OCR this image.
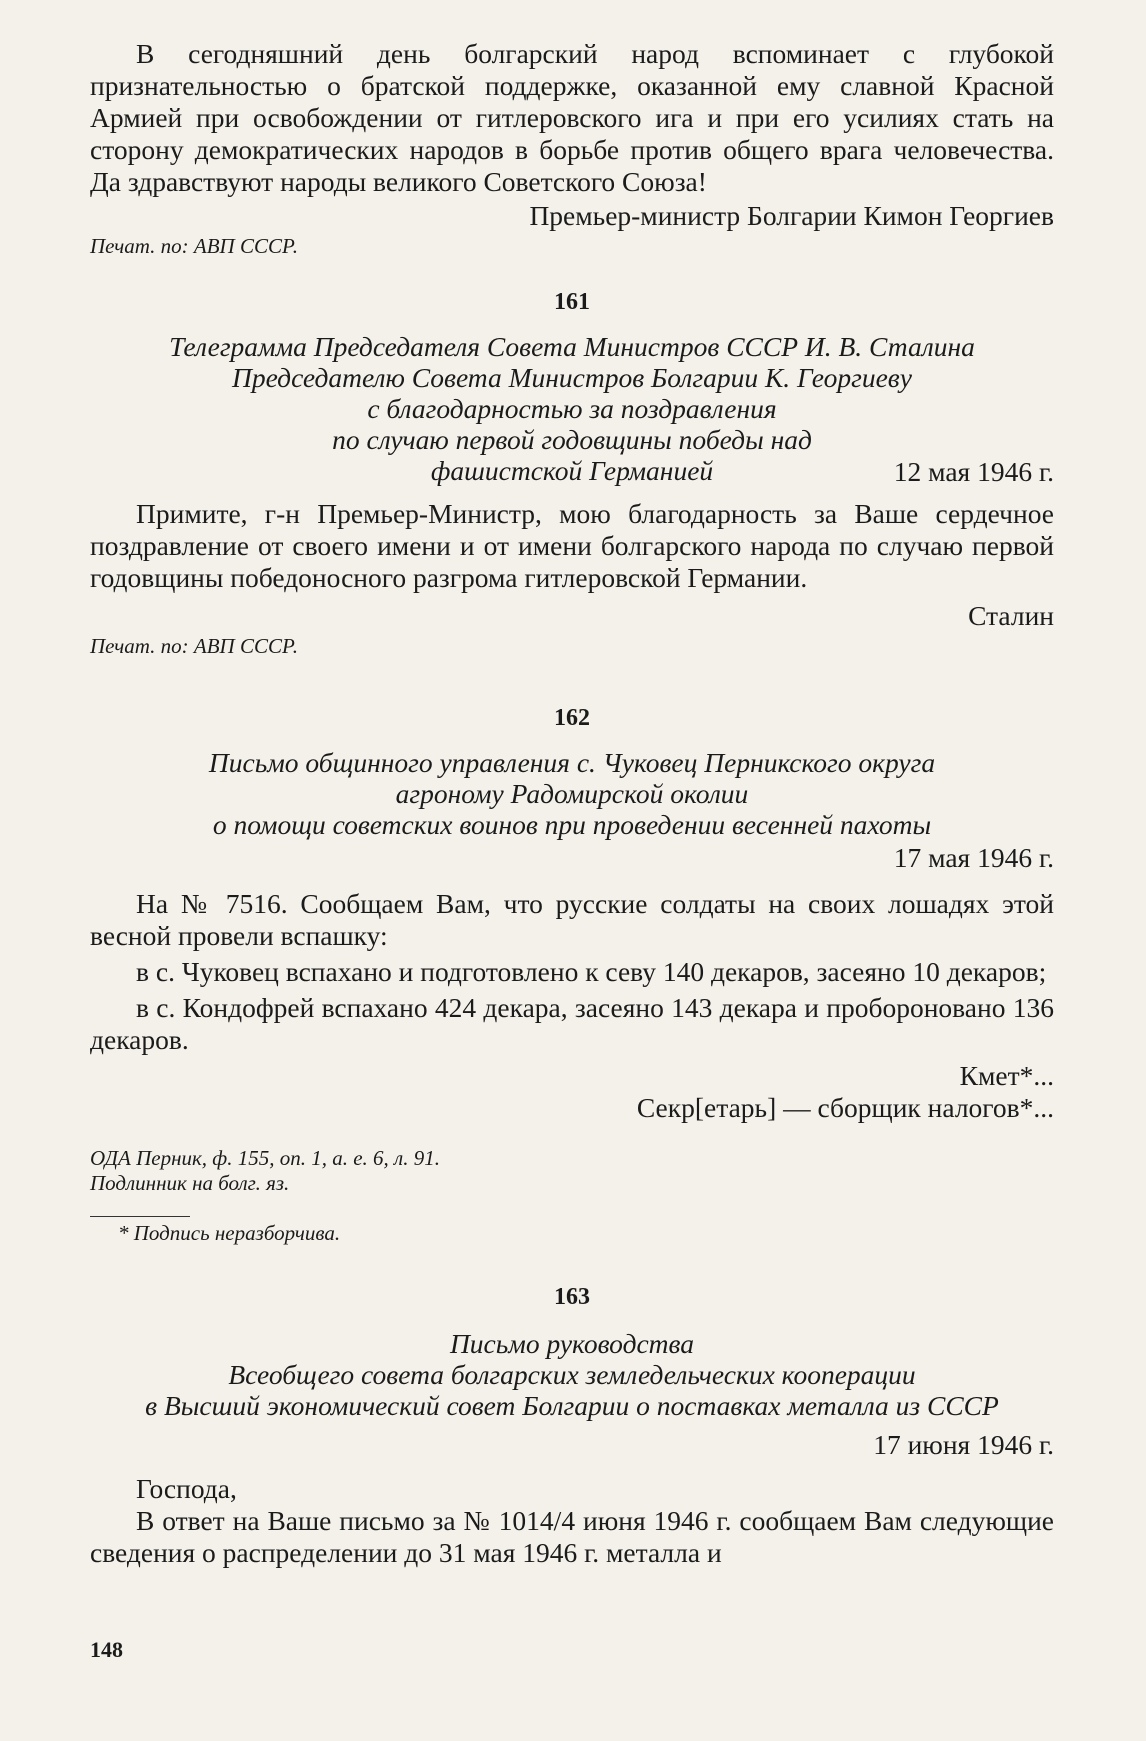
В сегодняшний день болгарский народ вспоминает с глубокой признательностью о братской поддержке, оказанной ему славной Красной Армией при освобождении от гитлеровского ига и при его усилиях стать на сторону демократических народов в борьбе против общего врага человечества. Да здравствуют народы великого Советского Союза!

Премьер-министр Болгарии Кимон Георгиев

Печат. по: АВП СССР.

161

Телеграмма Председателя Совета Министров СССР И. В. Сталина

Председателю Совета Министров Болгарии К. Георгиеву

с благодарностью за поздравления

по случаю первой годовщины победы над

фашистской Германией	12 мая 1946 г.

Примите, г-н Премьер-Министр, мою благодарность за Ваше сердечное поздравление от своего имени и от имени болгарского народа по случаю первой годовщины победоносного разгрома гитлеровской Германии.

Сталин

Печат. по: АВП СССР.

162

Письмо общинного управления с. Чуковец Перникского округа

агроному Радомирской околии

о помощи советских воинов при проведении весенней пахоты

17 мая 1946 г.

На № 7516. Сообщаем Вам, что русские солдаты на своих лошадях этой весной провели вспашку:

в с. Чуковец вспахано и подготовлено к севу 140 декаров, засеяно 10 декаров;

в с. Кондофрей вспахано 424 декара, засеяно 143 декара и пробороновано 136 декаров.

Кмет*...

Секр[етарь] — сборщик налогов*...

ОДА Перник, ф. 155, оп. 1, а. е. 6, л. 91.

Подлинник на болг. яз.

* Подпись неразборчива.

163

Письмо руководства

Всеобщего совета болгарских земледельческих кооперации

в Высший экономический совет Болгарии о поставках металла из СССР

17 июня 1946 г.

Господа,

В ответ на Ваше письмо за № 1014/4 июня 1946 г. сообщаем Вам следующие сведения о распределении до 31 мая 1946 г. металла и

148
